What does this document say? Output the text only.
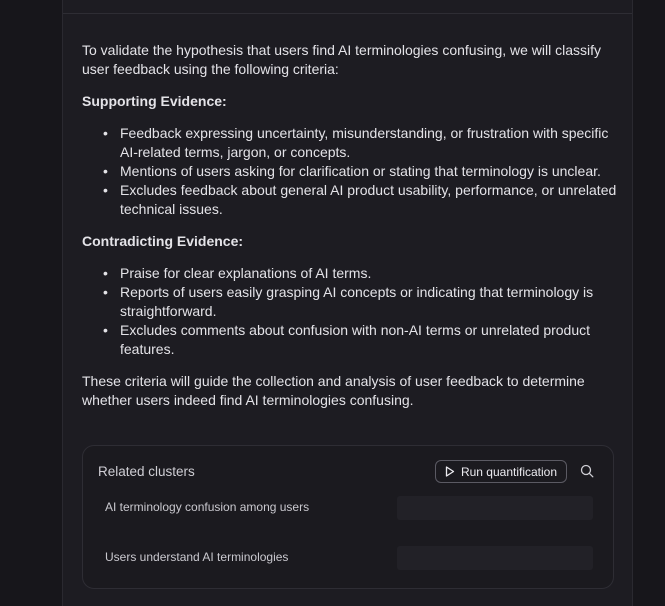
To validate the hypothesis that users find AI terminologies confusing, we will classify user feedback using the following criteria:

Supporting Evidence:

• Feedback expressing uncertainty, misunderstanding, or frustration with specific AI-related terms, jargon, or concepts.
• Mentions of users asking for clarification or stating that terminology is unclear.
• Excludes feedback about general AI product usability, performance, or unrelated technical issues.

Contradicting Evidence:

• Praise for clear explanations of AI terms.
• Reports of users easily grasping AI concepts or indicating that terminology is straightforward.
• Excludes comments about confusion with non-AI terms or unrelated product features.

These criteria will guide the collection and analysis of user feedback to determine whether users indeed find AI terminologies confusing.

Related clusters	Run quantification
AI terminology confusion among users
Users understand AI terminologies
